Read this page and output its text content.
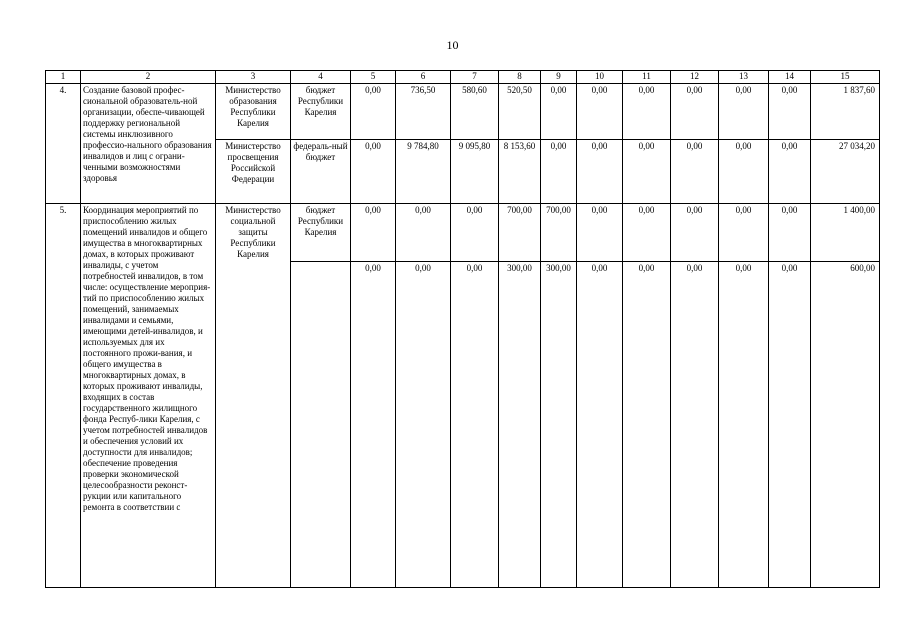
10
1	2	3	4	5	6	7	8	9	10	11	12	13	14	15
4.	Создание базовой профес-сиональной образователь-ной организации, обеспе-чивающей поддержку региональной системы инклюзивного профессио-нального образования инвалидов и лиц с ограни-ченными возможностями здоровья	Министерство образования Республики Карелия	бюджет Республики Карелия	0,00	736,50	580,60	520,50	0,00	0,00	0,00	0,00	0,00	0,00	1 837,60
		Министерство просвещения Российской Федерации	федераль-ный бюджет	0,00	9 784,80	9 095,80	8 153,60	0,00	0,00	0,00	0,00	0,00	0,00	27 034,20
5.	Координация мероприятий по приспособлению жилых помещений инвалидов и общего имущества в многоквартирных домах, в которых проживают инвалиды, с учетом потребностей инвалидов, в том числе: осуществление мероприя-тий по приспособлению жилых помещений, занимаемых инвалидами и семьями, имеющими детей-инвалидов, и используемых для их постоянного прожи-вания, и общего имущества в многоквартирных домах, в которых проживают инвалиды, входящих в состав государственного жилищного фонда Респуб-лики Карелия, с учетом потребностей инвалидов и обеспечения условий их доступности для инвалидов; обеспечение проведения проверки экономической целесообразности реконст-рукции или капитального ремонта в соответствии с	Министерство социальной защиты Республики Карелия	бюджет Республики Карелия	0,00	0,00	0,00	700,00	700,00	0,00	0,00	0,00	0,00	0,00	1 400,00
				0,00	0,00	0,00	300,00	300,00	0,00	0,00	0,00	0,00	0,00	600,00
